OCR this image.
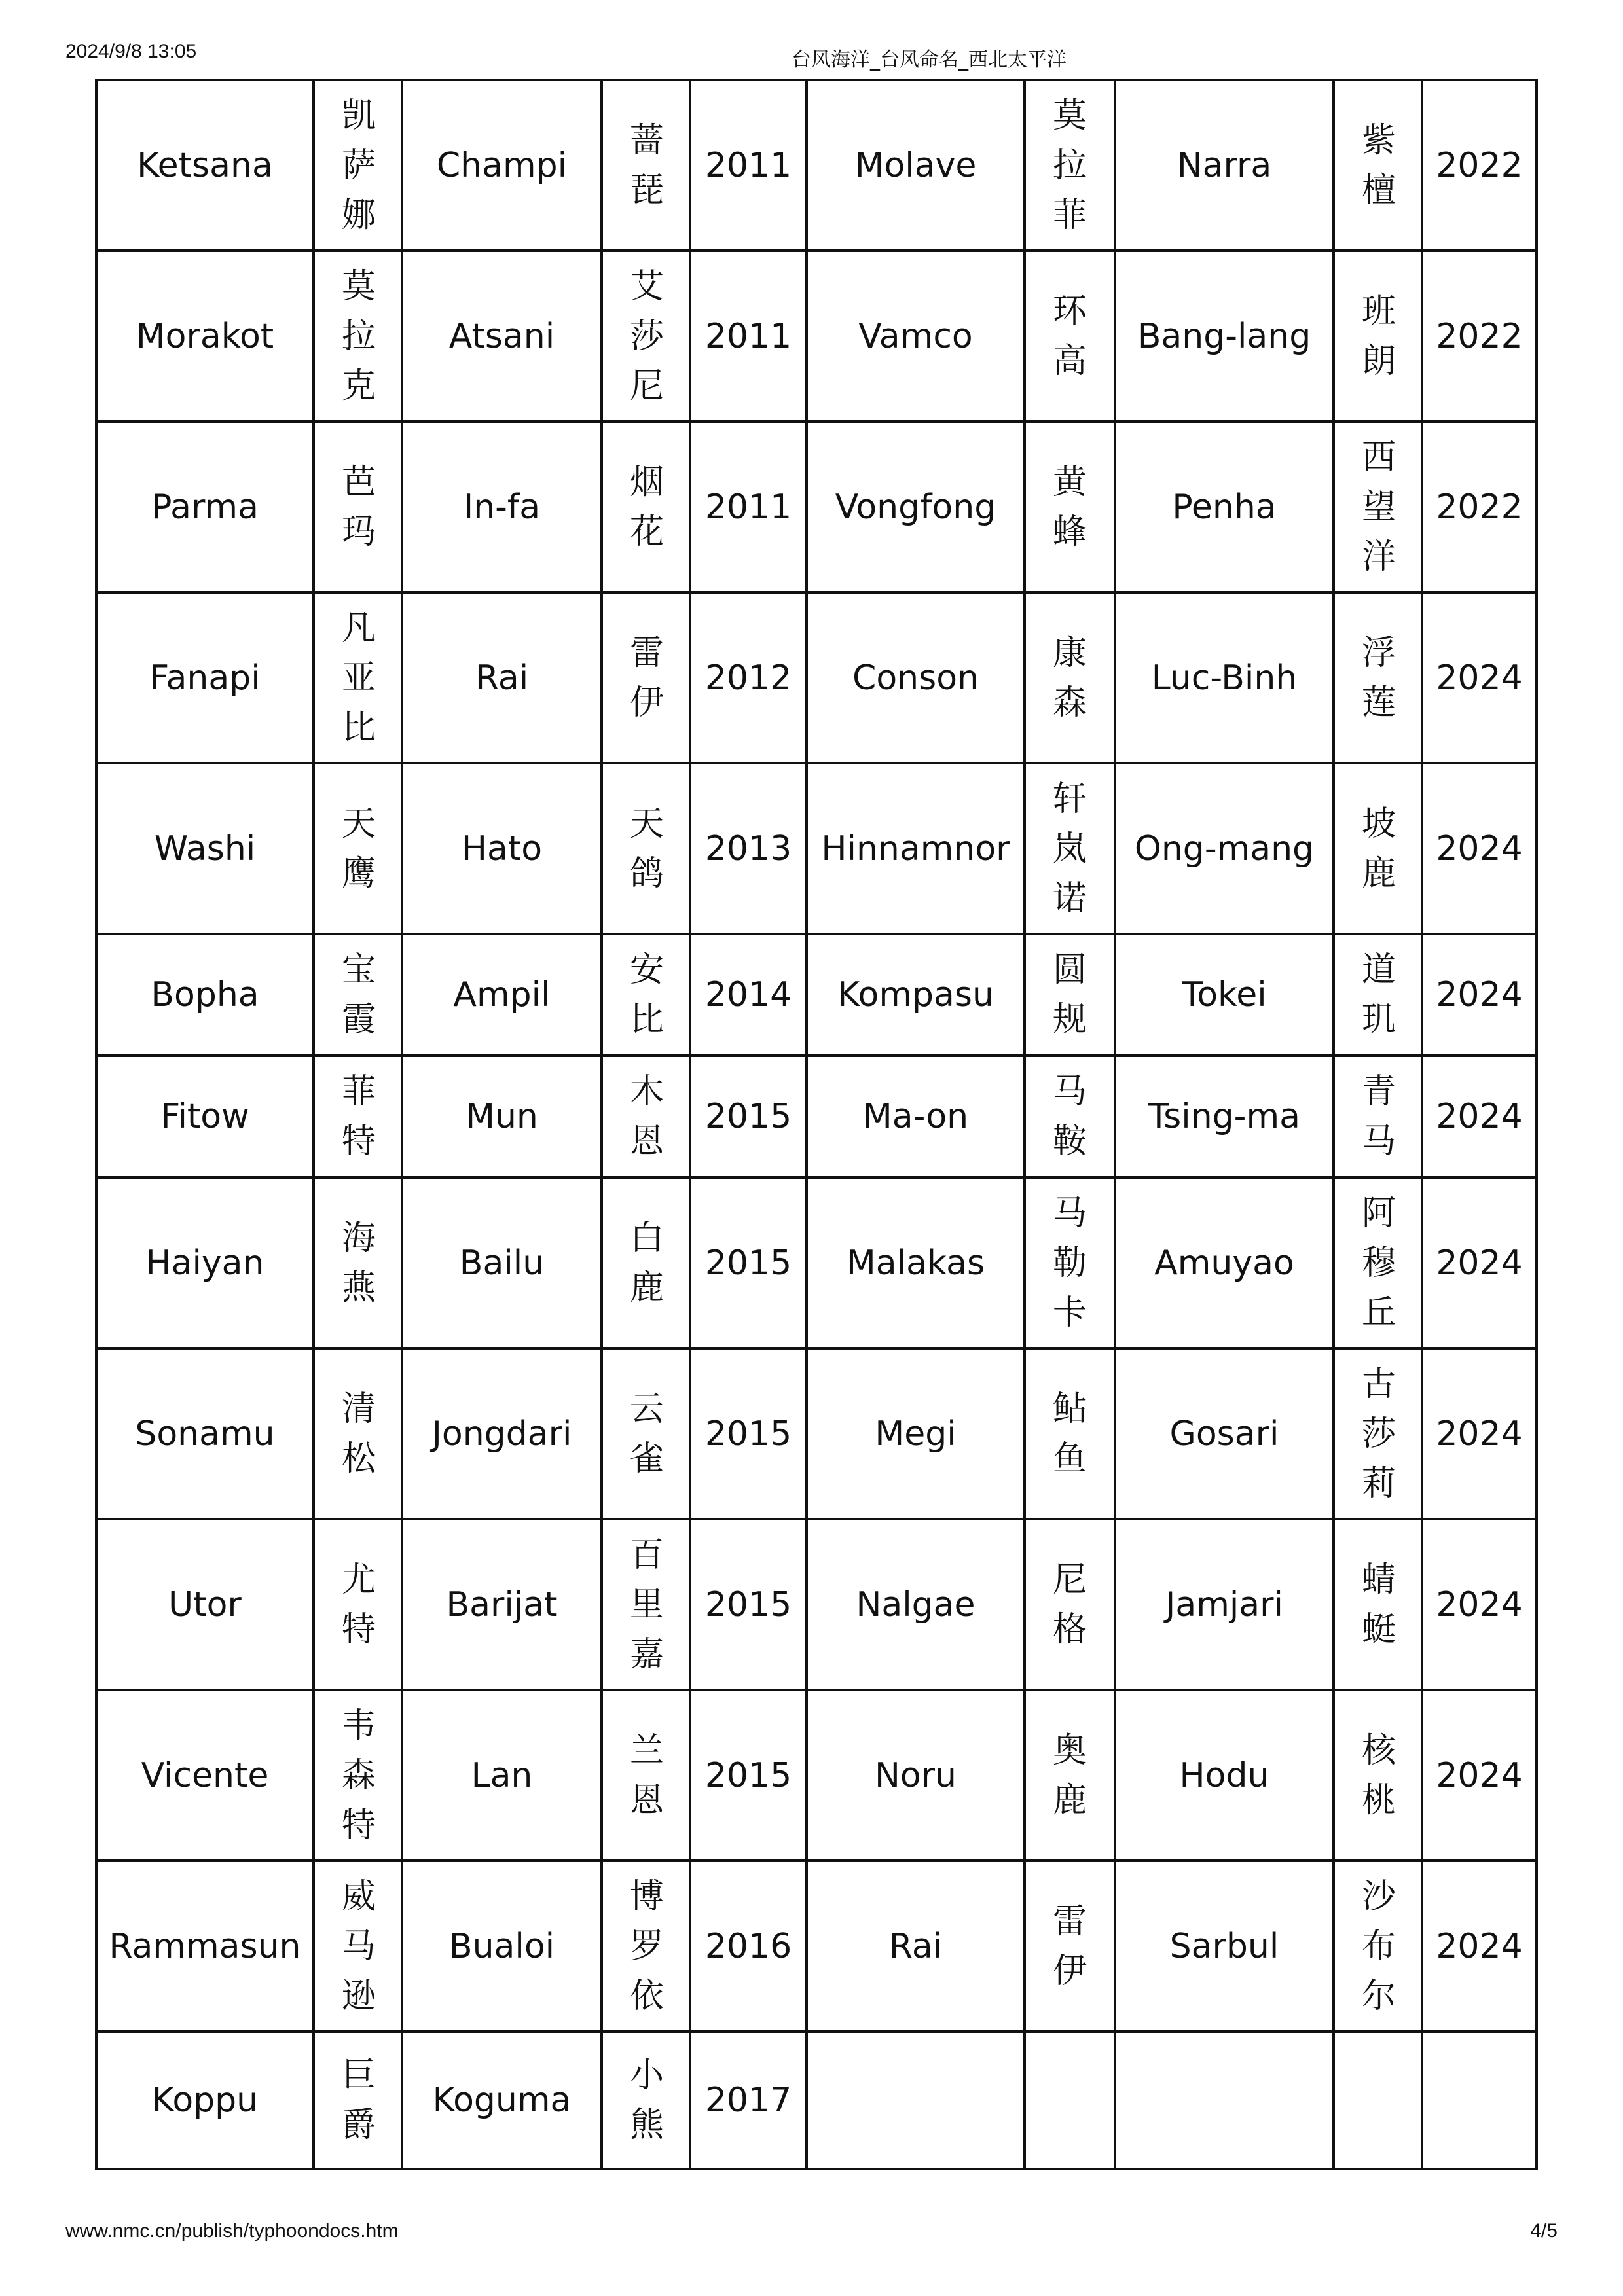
2024/9/8 13:05	台风海洋_台风命名_西北太平洋
Ketsana	凯萨娜	Champi	蔷琵	2011	Molave	莫拉菲	Narra	紫檀	2022
Morakot	莫拉克	Atsani	艾莎尼	2011	Vamco	环高	Bang-lang	班朗	2022
Parma	芭玛	In-fa	烟花	2011	Vongfong	黄蜂	Penha	西望洋	2022
Fanapi	凡亚比	Rai	雷伊	2012	Conson	康森	Luc-Binh	浮莲	2024
Washi	天鹰	Hato	天鸽	2013	Hinnamnor	轩岚诺	Ong-mang	坡鹿	2024
Bopha	宝霞	Ampil	安比	2014	Kompasu	圆规	Tokei	道玑	2024
Fitow	菲特	Mun	木恩	2015	Ma-on	马鞍	Tsing-ma	青马	2024
Haiyan	海燕	Bailu	白鹿	2015	Malakas	马勒卡	Amuyao	阿穆丘	2024
Sonamu	清松	Jongdari	云雀	2015	Megi	鲇鱼	Gosari	古莎莉	2024
Utor	尤特	Barijat	百里嘉	2015	Nalgae	尼格	Jamjari	蜻蜓	2024
Vicente	韦森特	Lan	兰恩	2015	Noru	奥鹿	Hodu	核桃	2024
Rammasun	威马逊	Bualoi	博罗依	2016	Rai	雷伊	Sarbul	沙布尔	2024
Koppu	巨爵	Koguma	小熊	2017					
www.nmc.cn/publish/typhoondocs.htm	4/5
